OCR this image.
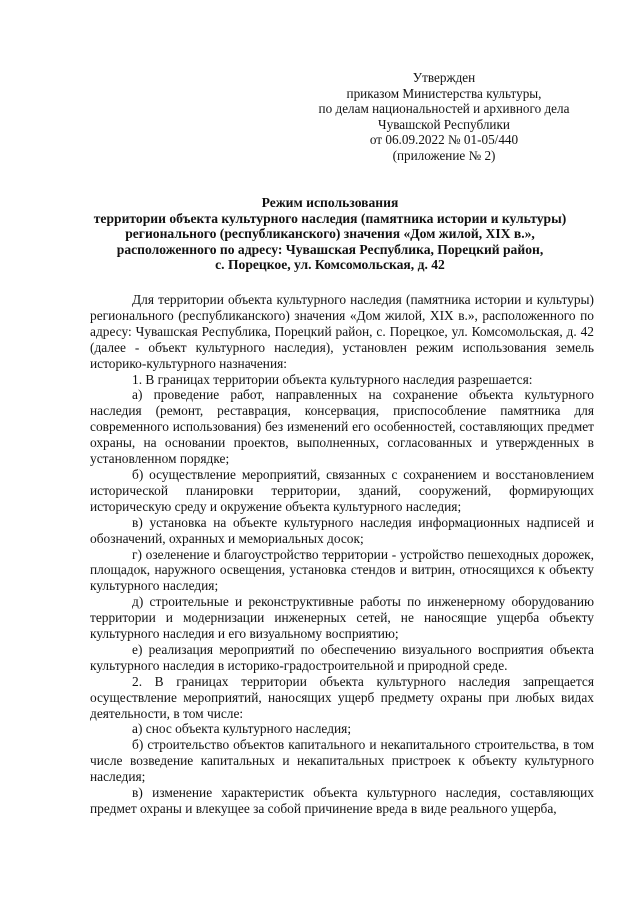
Утвержден
приказом Министерства культуры,
по делам национальностей и архивного дела
Чувашской Республики
от 06.09.2022 № 01-05/440
(приложение № 2)
Режим использования
территории объекта культурного наследия (памятника истории и культуры)
регионального (республиканского) значения «Дом жилой, XIX в.»,
расположенного по адресу: Чувашская Республика, Порецкий район,
с. Порецкое, ул. Комсомольская, д. 42

Для территории объекта культурного наследия (памятника истории и культуры) регионального (республиканского) значения «Дом жилой, XIX в.», расположенного по адресу: Чувашская Республика, Порецкий район, с. Порецкое, ул. Комсомольская, д. 42 (далее - объект культурного наследия), установлен режим использования земель историко-культурного назначения:

1. В границах территории объекта культурного наследия разрешается:

а) проведение работ, направленных на сохранение объекта культурного наследия (ремонт, реставрация, консервация, приспособление памятника для современного использования) без изменений его особенностей, составляющих предмет охраны, на основании проектов, выполненных, согласованных и утвержденных в установленном порядке;

б) осуществление мероприятий, связанных с сохранением и восстановлением исторической планировки территории, зданий, сооружений, формирующих историческую среду и окружение объекта культурного наследия;

в) установка на объекте культурного наследия информационных надписей и обозначений, охранных и мемориальных досок;

г) озеленение и благоустройство территории - устройство пешеходных дорожек, площадок, наружного освещения, установка стендов и витрин, относящихся к объекту культурного наследия;

д) строительные и реконструктивные работы по инженерному оборудованию территории и модернизации инженерных сетей, не наносящие ущерба объекту культурного наследия и его визуальному восприятию;

е) реализация мероприятий по обеспечению визуального восприятия объекта культурного наследия в историко-градостроительной и природной среде.

2. В границах территории объекта культурного наследия запрещается осуществление мероприятий, наносящих ущерб предмету охраны при любых видах деятельности, в том числе:

а) снос объекта культурного наследия;

б) строительство объектов капитального и некапитального строительства, в том числе возведение капитальных и некапитальных пристроек к объекту культурного наследия;

в) изменение характеристик объекта культурного наследия, составляющих предмет охраны и влекущее за собой причинение вреда в виде реального ущерба,
